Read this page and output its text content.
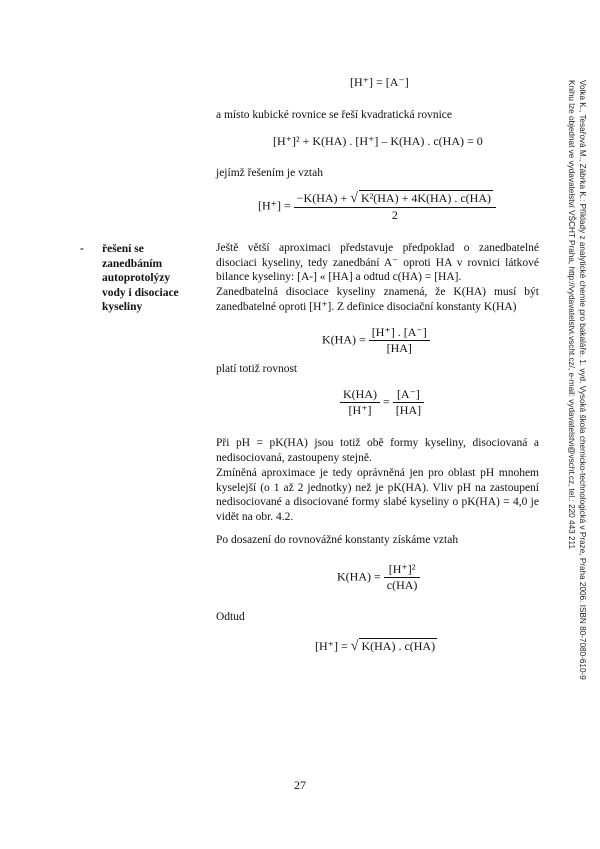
[H⁺] = [A⁻]
a místo kubické rovnice se řeší kvadratická rovnice
[H⁺]² + K(HA) . [H⁺] – K(HA) . c(HA) = 0
jejímž řešením je vztah
$[H^+] = \frac{\text{−K(HA) + √ K²(HA) + 4K(HA) . c(HA)}}{2}$
-	řešení se
zanedbáním
autoprotolýzy
vody i disociace
kyseliny
Ještě větší aproximaci představuje předpoklad o zanedbatelné disociaci kyseliny, tedy zanedbání A⁻ oproti HA v rovnici látkové bilance kyseliny: [A-] « [HA] a odtud c(HA) = [HA].
Zanedbatelná disociace kyseliny znamená, že K(HA) musí být zanedbatelné oproti [H⁺]. Z definice disociační konstanty K(HA)
$K(HA) = \frac{[H^+] . [A^-]}{[HA]}$
platí totiž rovnost
$\frac{K(HA)}{[H^+]} = \frac{[A^-]}{[HA]}$
Při pH = pK(HA) jsou totiž obě formy kyseliny, disociovaná a nedisociovaná, zastoupeny stejně.
Zmíněná aproximace je tedy oprávněná jen pro oblast pH mnohem kyselejší (o 1 až 2 jednotky) než je pK(HA). Vliv pH na zastoupení nedisociované a disociované formy slabé kyseliny o pK(HA) = 4,0 je vidět na obr. 4.2.
Po dosazení do rovnovážné konstanty získáme vztah
$K(HA) = \frac{\text{[H⁺]²}}{c(HA)}$
Odtud
[H⁺] = √ K(HA) . c(HA)
27
Volka K., Tesařová M., Zábrka K.: Příklady z analytické chemie pro bakaláře. 1. vyd. Vysoká škola chemicko-technologická v Praze, Praha 2006. ISBN 80-7080-610-9
Knihu lze objednat ve vydavatelství VŠCHT Praha, http://vydavatelstvi.vscht.cz/, e-mail: vydavatelstvi@vscht.cz, tel.: 220 443 211
